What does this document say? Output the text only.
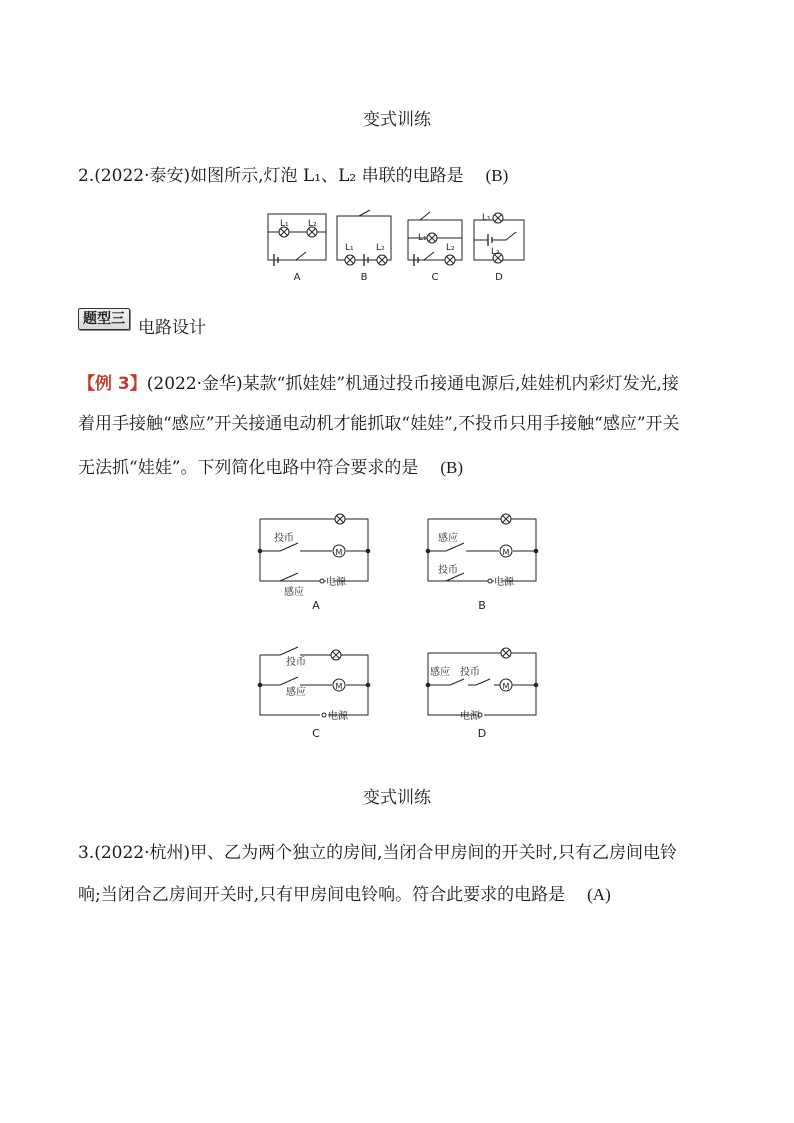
变式训练
2.(2022·泰安)如图所示,灯泡 L₁、L₂ 串联的电路是 (B)
L₁ L₂
L₁ L₂
L₁
L₂
L₁
L₂
A	B	C	D
题型三 电路设计
【例 3】(2022·金华)某款“抓娃娃”机通过投币接通电源后,娃娃机内彩灯发光,接
着用手接触“感应”开关接通电动机才能抓取“娃娃”,不投币只用手接触“感应”开关
无法抓“娃娃”。下列简化电路中符合要求的是 (B)
M	M
M	M
投币
感应
电源
感应
投币
电源
投币
感应
电源
感应 投币
电源
A	B
C	D
变式训练
3.(2022·杭州)甲、乙为两个独立的房间,当闭合甲房间的开关时,只有乙房间电铃
响;当闭合乙房间开关时,只有甲房间电铃响。符合此要求的电路是 (A)
